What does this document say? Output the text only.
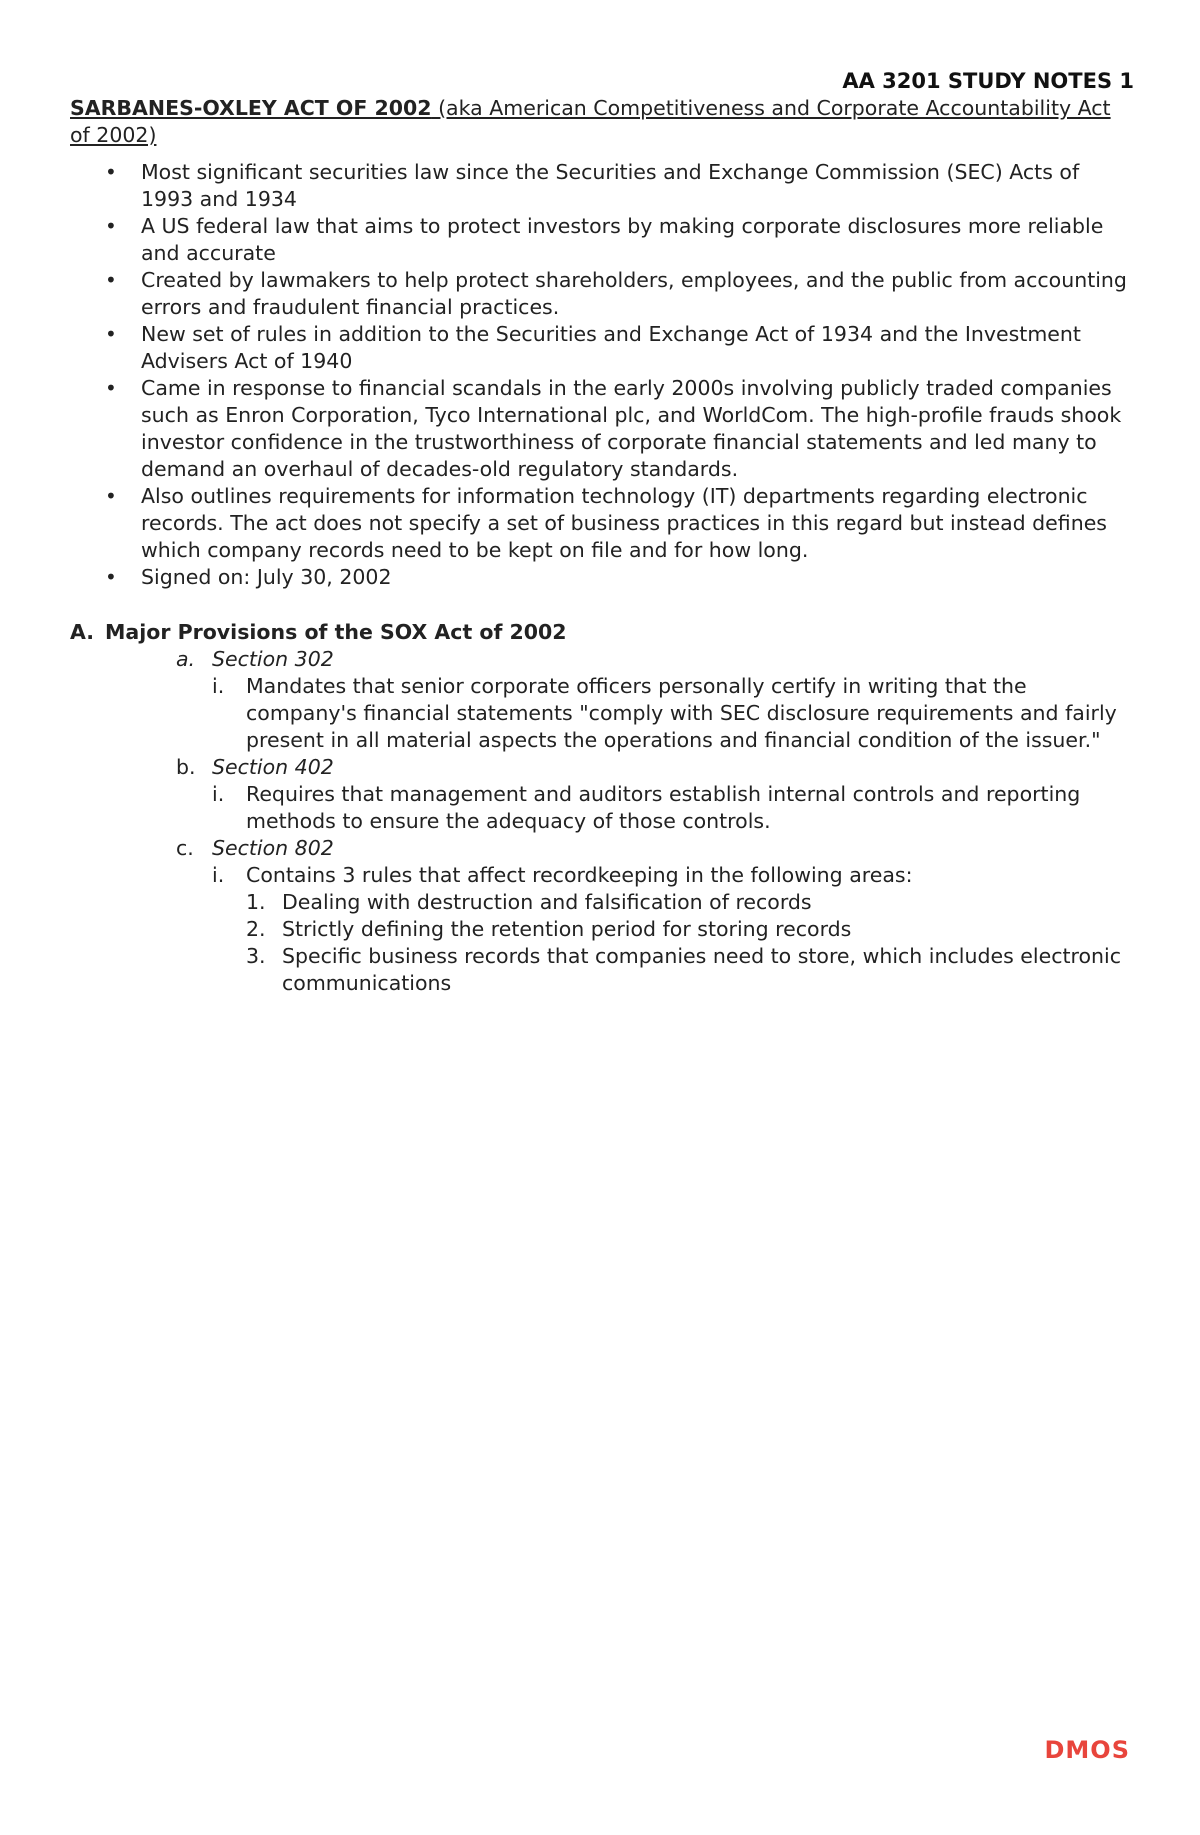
AA 3201 STUDY NOTES 1

SARBANES-OXLEY ACT OF 2002 (aka American Competitiveness and Corporate Accountability Act of 2002)

• Most significant securities law since the Securities and Exchange Commission (SEC) Acts of 1993 and 1934
• A US federal law that aims to protect investors by making corporate disclosures more reliable and accurate
• Created by lawmakers to help protect shareholders, employees, and the public from accounting errors and fraudulent financial practices.
• New set of rules in addition to the Securities and Exchange Act of 1934 and the Investment Advisers Act of 1940
• Came in response to financial scandals in the early 2000s involving publicly traded companies such as Enron Corporation, Tyco International plc, and WorldCom. The high-profile frauds shook investor confidence in the trustworthiness of corporate financial statements and led many to demand an overhaul of decades-old regulatory standards.
• Also outlines requirements for information technology (IT) departments regarding electronic records. The act does not specify a set of business practices in this regard but instead defines which company records need to be kept on file and for how long.
• Signed on: July 30, 2002
A. Major Provisions of the SOX Act of 2002
a. Section 302
i. Mandates that senior corporate officers personally certify in writing that the company's financial statements "comply with SEC disclosure requirements and fairly present in all material aspects the operations and financial condition of the issuer."
b. Section 402
i. Requires that management and auditors establish internal controls and reporting methods to ensure the adequacy of those controls.
c. Section 802
i. Contains 3 rules that affect recordkeeping in the following areas:
1. Dealing with destruction and falsification of records
2. Strictly defining the retention period for storing records
3. Specific business records that companies need to store, which includes electronic communications
DMOS
